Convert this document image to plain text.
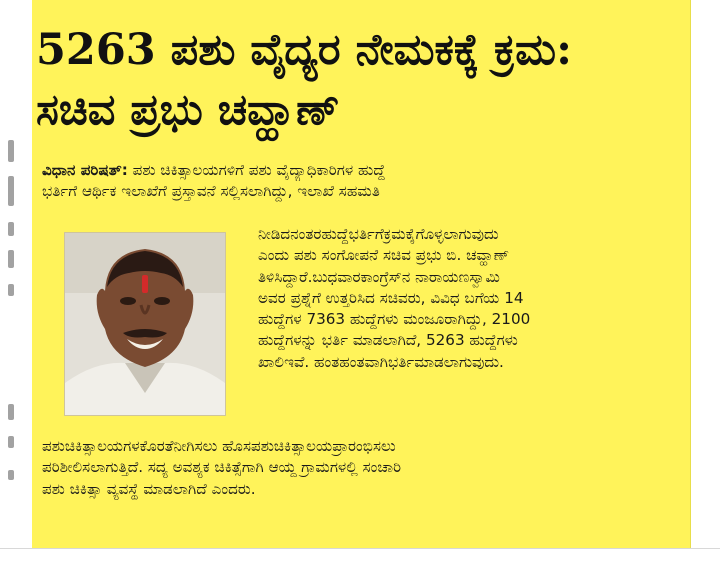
5263 ಪಶು ವೈದ್ಯರ ನೇಮಕಕ್ಕೆ ಕ್ರಮ:
ಸಚಿವ ಪ್ರಭು ಚವ್ಹಾಣ್
ವಿಧಾನ ಪರಿಷತ್: ಪಶು ಚಿಕಿತ್ಸಾಲಯಗಳಿಗೆ ಪಶು ವೈದ್ಯಾಧಿಕಾರಿಗಳ ಹುದ್ದೆ
ಭರ್ತಿಗೆ ಆರ್ಥಿಕ ಇಲಾಖೆಗೆ ಪ್ರಸ್ತಾವನೆ ಸಲ್ಲಿಸಲಾಗಿದ್ದು, ಇಲಾಖೆ ಸಹಮತಿ
ನೀಡಿದನಂತರಹುದ್ದೆಭರ್ತಿಗೆಕ್ರಮಕೈಗೊಳ್ಳಲಾಗುವುದು
ಎಂದು ಪಶು ಸಂಗೋಪನೆ ಸಚಿವ ಪ್ರಭು ಬಿ. ಚವ್ಹಾಣ್
ತಿಳಿಸಿದ್ದಾರೆ.ಬುಧವಾರಕಾಂಗ್ರೆಸ್‌ನ ನಾರಾಯಣಸ್ವಾಮಿ
ಅವರ ಪ್ರಶ್ನೆಗೆ ಉತ್ತರಿಸಿದ ಸಚಿವರು, ವಿವಿಧ ಬಗೆಯ 14
ಹುದ್ದೆಗಳ 7363 ಹುದ್ದೆಗಳು ಮಂಜೂರಾಗಿದ್ದು, 2100
ಹುದ್ದೆಗಳನ್ನು ಭರ್ತಿ ಮಾಡಲಾಗಿದೆ, 5263 ಹುದ್ದೆಗಳು
ಖಾಲಿಇವೆ. ಹಂತಹಂತವಾಗಿಭರ್ತಿಮಾಡಲಾಗುವುದು.
ಪಶುಚಿಕಿತ್ಸಾಲಯಗಳಕೊರತೆನೀಗಿಸಲು ಹೊಸಪಶುಚಿಕಿತ್ಸಾಲಯಪ್ರಾರಂಭಿಸಲು
ಪರಿಶೀಲಿಸಲಾಗುತ್ತಿದೆ. ಸದ್ಯ ಅವಶ್ಯಕ ಚಿಕಿತ್ಸೆಗಾಗಿ ಆಯ್ದ ಗ್ರಾಮಗಳಲ್ಲಿ ಸಂಚಾರಿ
ಪಶು ಚಿಕಿತ್ಸಾ ವ್ಯವಸ್ಥೆ ಮಾಡಲಾಗಿದೆ ಎಂದರು.
